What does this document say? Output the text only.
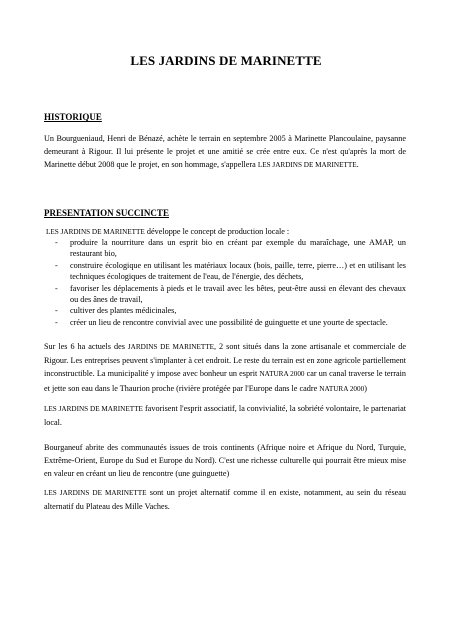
LES JARDINS DE MARINETTE
HISTORIQUE
Un Bourgueniaud, Henri de Bénazé, achète le terrain en septembre 2005 à Marinette Plancoulaine, paysanne demeurant à Rigour. Il lui présente le projet et une amitié se crée entre eux. Ce n'est qu'après la mort de Marinette début 2008 que le projet, en son hommage, s'appellera LES JARDINS DE MARINETTE.
PRESENTATION SUCCINCTE
LES JARDINS DE MARINETTE développe le concept de production locale :
- produire la nourriture dans un esprit bio en créant par exemple du maraîchage, une AMAP, un restaurant bio,
- construire écologique en utilisant les matériaux locaux (bois, paille, terre, pierre…) et en utilisant les techniques écologiques de traitement de l'eau, de l'énergie, des déchets,
- favoriser les déplacements à pieds et le travail avec les bêtes, peut-être aussi en élevant des chevaux ou des ânes de travail,
- cultiver des plantes médicinales,
- créer un lieu de rencontre convivial avec une possibilité de guinguette et une yourte de spectacle.
Sur les 6 ha actuels des JARDINS DE MARINETTE, 2 sont situés dans la zone artisanale et commerciale de Rigour. Les entreprises peuvent s'implanter à cet endroit. Le reste du terrain est en zone agricole partiellement inconstructible. La municipalité y impose avec bonheur un esprit NATURA 2000 car un canal traverse le terrain et jette son eau dans le Thaurion proche (rivière protégée par l'Europe dans le cadre NATURA 2000)
LES JARDINS DE MARINETTE favorisent l'esprit associatif, la convivialité, la sobriété volontaire, le partenariat local.
Bourganeuf abrite des communautés issues de trois continents (Afrique noire et Afrique du Nord, Turquie, Extrême-Orient, Europe du Sud et Europe du Nord). C'est une richesse culturelle qui pourrait être mieux mise en valeur en créant un lieu de rencontre (une guinguette)
LES JARDINS DE MARINETTE sont un projet alternatif comme il en existe, notamment, au sein du réseau alternatif du Plateau des Mille Vaches.
